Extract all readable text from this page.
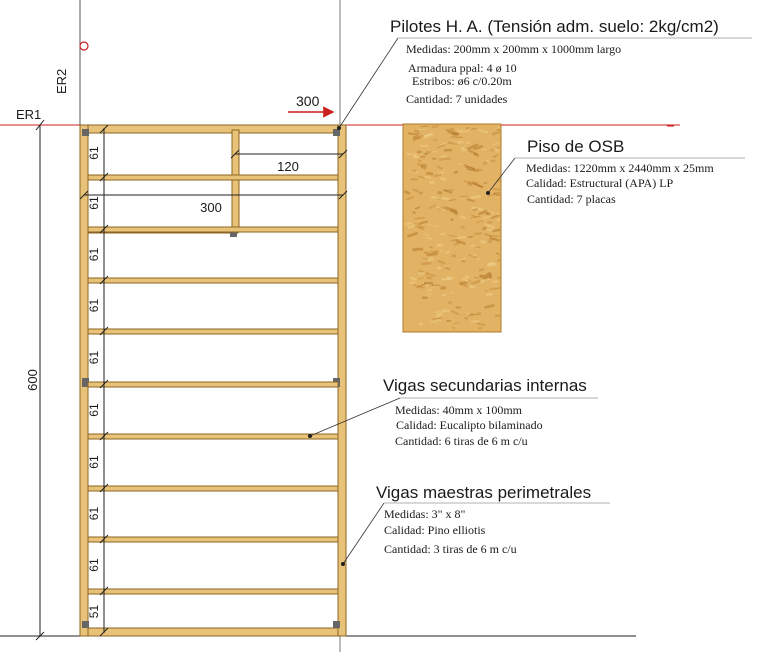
ER1
ER2
300
600
61
61
61
61
61
61
61
61
61
51
120
300
Pilotes H. A. (Tensión adm. suelo: 2kg/cm2)
Medidas: 200mm x 200mm x 1000mm largo
Armadura ppal: 4 ø 10
Estribos: ø6 c/0.20m
Cantidad: 7 unidades
Piso de OSB
Medidas: 1220mm x 2440mm x 25mm
Calidad: Estructural (APA) LP
Cantidad: 7 placas
Vigas secundarias internas
Medidas: 40mm x 100mm
Calidad: Eucalipto bilaminado
Cantidad: 6 tiras de 6 m c/u
Vigas maestras perimetrales
Medidas: 3" x 8"
Calidad: Pino elliotis
Cantidad: 3 tiras de 6 m c/u
